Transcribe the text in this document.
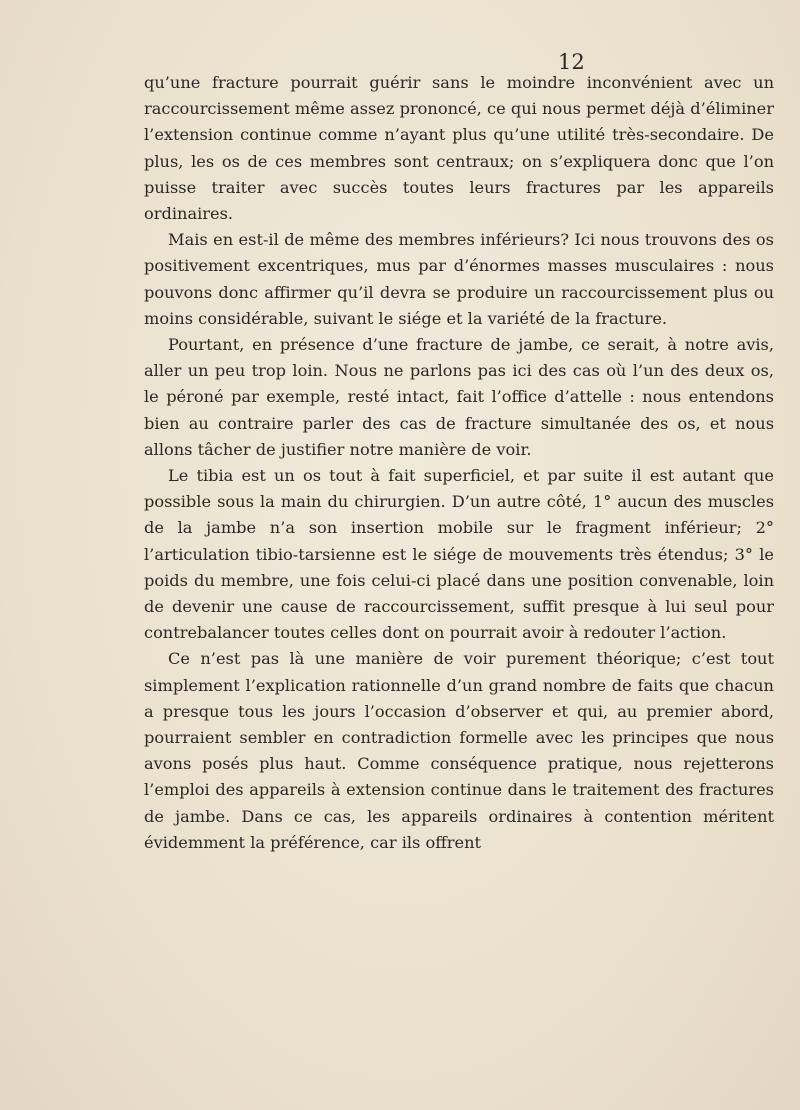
12

qu’une fracture pourrait guérir sans le moindre inconvénient avec un raccourcissement même assez prononcé, ce qui nous permet déjà d’éliminer l’extension continue comme n’ayant plus qu’une utilité très-secondaire. De plus, les os de ces membres sont centraux; on s’expliquera donc que l’on puisse traiter avec succès toutes leurs fractures par les appareils ordinaires.

Mais en est-il de même des membres inférieurs? Ici nous trouvons des os positivement excentriques, mus par d’énormes masses musculaires : nous pouvons donc affirmer qu’il devra se produire un raccourcissement plus ou moins considérable, suivant le siége et la variété de la fracture.

Pourtant, en présence d’une fracture de jambe, ce serait, à notre avis, aller un peu trop loin. Nous ne parlons pas ici des cas où l’un des deux os, le péroné par exemple, resté intact, fait l’office d’attelle : nous entendons bien au contraire parler des cas de fracture simultanée des os, et nous allons tâcher de justifier notre manière de voir.

Le tibia est un os tout à fait superficiel, et par suite il est autant que possible sous la main du chirurgien. D’un autre côté, 1° aucun des muscles de la jambe n’a son insertion mobile sur le fragment inférieur; 2° l’articulation tibio-tarsienne est le siége de mouvements très étendus; 3° le poids du membre, une fois celui-ci placé dans une position convenable, loin de devenir une cause de raccourcissement, suffit presque à lui seul pour contrebalancer toutes celles dont on pourrait avoir à redouter l’action.

Ce n’est pas là une manière de voir purement théorique; c’est tout simplement l’explication rationnelle d’un grand nombre de faits que chacun a presque tous les jours l’occasion d’observer et qui, au premier abord, pourraient sembler en contradiction formelle avec les principes que nous avons posés plus haut. Comme conséquence pratique, nous rejetterons l’emploi des appareils à extension continue dans le traitement des fractures de jambe. Dans ce cas, les appareils ordinaires à contention méritent évidemment la préférence, car ils offrent
